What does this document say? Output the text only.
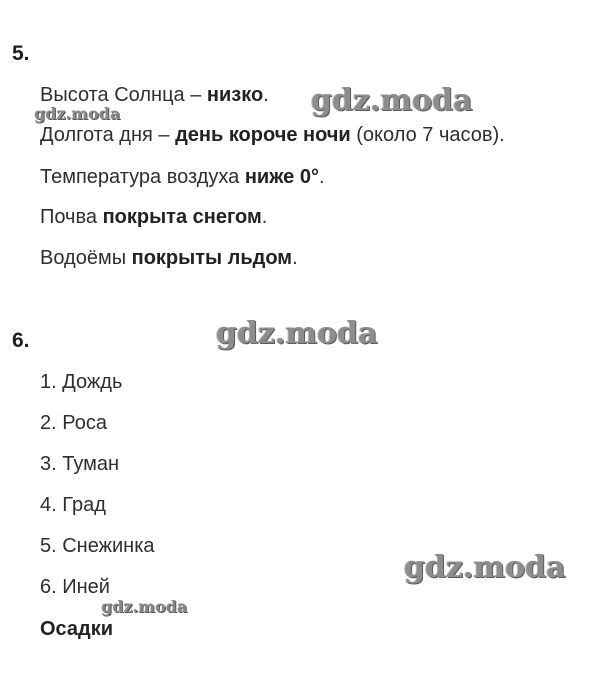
5.
Высота Солнца – низко.
Долгота дня – день короче ночи (около 7 часов).
Температура воздуха ниже 0°.
Почва покрыта снегом.
Водоёмы покрыты льдом.
6.
1. Дождь
2. Роса
3. Туман
4. Град
5. Снежинка
6. Иней
Осадки
gdz.moda
gdz.moda
gdz.moda
gdz.moda
gdz.moda
